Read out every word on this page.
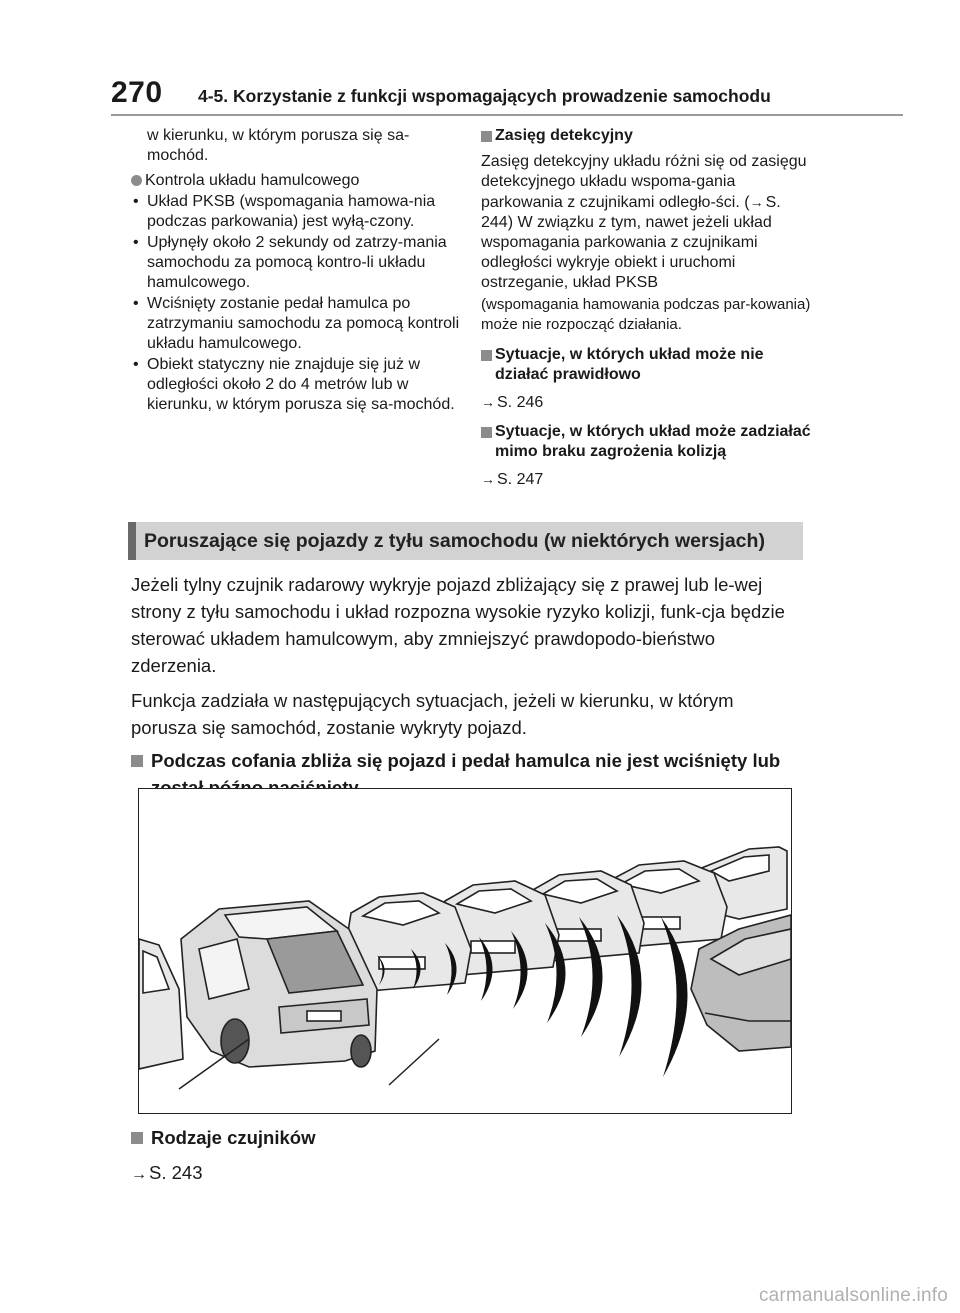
270 4-5. Korzystanie z funkcji wspomagających prowadzenie samochodu
w kierunku, w którym porusza się sa-mochód.
Kontrola układu hamulcowego
• Układ PKSB (wspomagania hamowa-nia podczas parkowania) jest wyłą-czony.
• Upłynęły około 2 sekundy od zatrzy-mania samochodu za pomocą kontro-li układu hamulcowego.
• Wciśnięty zostanie pedał hamulca po zatrzymaniu samochodu za pomocą kontroli układu hamulcowego.
• Obiekt statyczny nie znajduje się już w odległości około 2 do 4 metrów lub w kierunku, w którym porusza się sa-mochód.
Zasięg detekcyjny
Zasięg detekcyjny układu różni się od zasięgu detekcyjnego układu wspoma-gania parkowania z czujnikami odległo-ści. (→ S. 244) W związku z tym, nawet jeżeli układ wspomagania parkowania z czujnikami odległości wykryje obiekt i uruchomi ostrzeganie, układ PKSB
(wspomagania hamowania podczas par-kowania) może nie rozpocząć działania.
Sytuacje, w których układ może nie działać prawidłowo
→ S. 246
Sytuacje, w których układ może zadziałać mimo braku zagrożenia kolizją
→ S. 247
Poruszające się pojazdy z tyłu samochodu (w niektórych wersjach)

Jeżeli tylny czujnik radarowy wykryje pojazd zbliżający się z prawej lub le-wej strony z tyłu samochodu i układ rozpozna wysokie ryzyko kolizji, funk-cja będzie sterować układem hamulcowym, aby zmniejszyć prawdopodo-bieństwo zderzenia.

Funkcja zadziała w następujących sytuacjach, jeżeli w kierunku, w którym porusza się samochód, zostanie wykryty pojazd.

Podczas cofania zbliża się pojazd i pedał hamulca nie jest wciśnięty lub
Rodzaje czujników
→ S. 243
carmanualsonline.info
